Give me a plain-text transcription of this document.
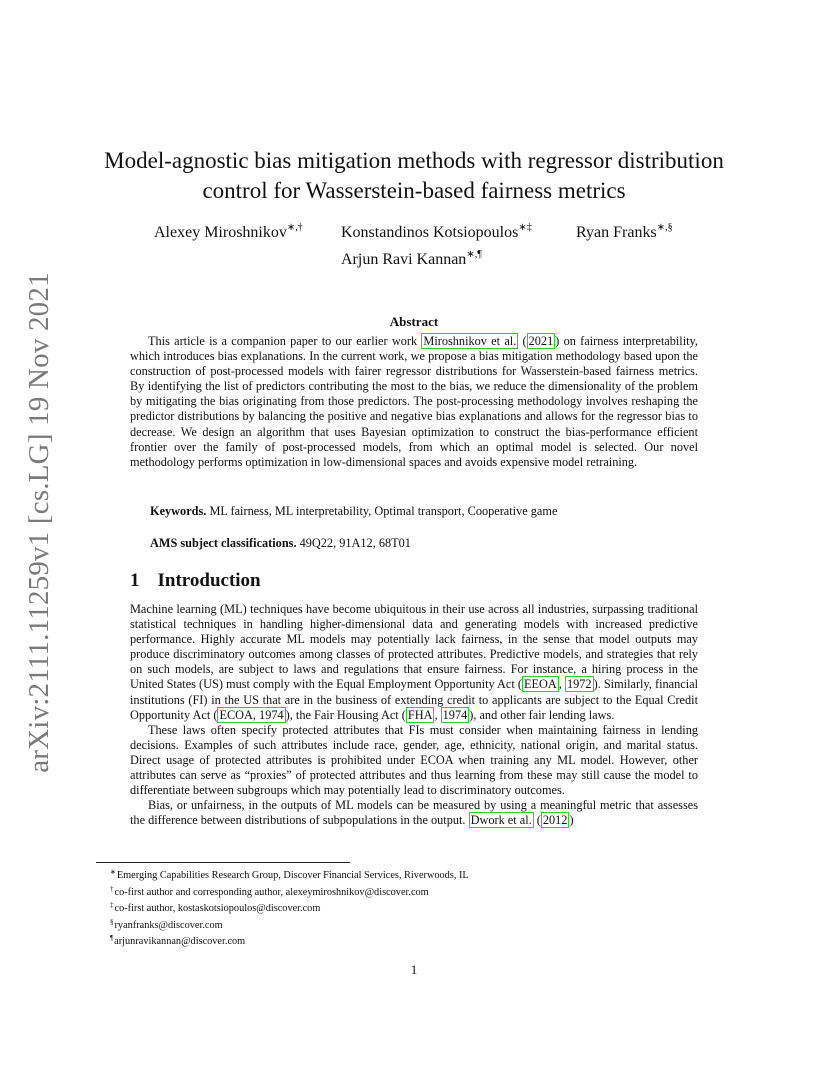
arXiv:2111.11259v1 [cs.LG] 19 Nov 2021
Model-agnostic bias mitigation methods with regressor distribution control for Wasserstein-based fairness metrics
Alexey Miroshnikov∗,† Konstandinos Kotsiopoulos∗‡	Ryan Franks∗,§
Arjun Ravi Kannan∗,¶
Abstract
This article is a companion paper to our earlier work Miroshnikov et al. ( 2021 ) on fairness interpretability, which introduces bias explanations. In the current work, we propose a bias mitigation methodology based upon the construction of post-processed models with fairer regressor distributions for Wasserstein-based fairness metrics. By identifying the list of predictors contributing the most to the bias, we reduce the dimensionality of the problem by mitigating the bias originating from those predictors. The post-processing methodology involves reshaping the predictor distributions by balancing the positive and negative bias explanations and allows for the regressor bias to decrease. We design an algorithm that uses Bayesian optimization to construct the bias-performance efficient frontier over the family of post-processed models, from which an optimal model is selected. Our novel methodology performs optimization in low-dimensional spaces and avoids expensive model retraining.
Keywords. ML fairness, ML interpretability, Optimal transport, Cooperative game
AMS subject classifications. 49Q22, 91A12, 68T01
1 Introduction

Machine learning (ML) techniques have become ubiquitous in their use across all industries, surpassing traditional statistical techniques in handling higher-dimensional data and generating models with increased predictive performance. Highly accurate ML models may potentially lack fairness, in the sense that model outputs may produce discriminatory outcomes among classes of protected attributes. Predictive models, and strategies that rely on such models, are subject to laws and regulations that ensure fairness. For instance, a hiring process in the United States (US) must comply with the Equal Employment Opportunity Act ( EEOA , 1972 ). Similarly, financial institutions (FI) in the US that are in the business of extending credit to applicants are subject to the Equal Credit Opportunity Act ( ECOA, 1974 ), the Fair Housing Act ( FHA , 1974 ), and other fair lending laws.

These laws often specify protected attributes that FIs must consider when maintaining fairness in lending decisions. Examples of such attributes include race, gender, age, ethnicity, national origin, and marital status. Direct usage of protected attributes is prohibited under ECOA when training any ML model. However, other attributes can serve as “proxies” of protected attributes and thus learning from these may still cause the model to differentiate between subgroups which may potentially lead to discriminatory outcomes.

Bias, or unfairness, in the outputs of ML models can be measured by using a meaningful metric that assesses the difference between distributions of subpopulations in the output. Dwork et al. ( 2012 )

∗Emerging Capabilities Research Group, Discover Financial Services, Riverwoods, IL
†co-first author and corresponding author, alexeymiroshnikov@discover.com
‡co-first author, kostaskotsiopoulos@discover.com
§ryanfranks@discover.com
¶arjunravikannan@discover.com
1
